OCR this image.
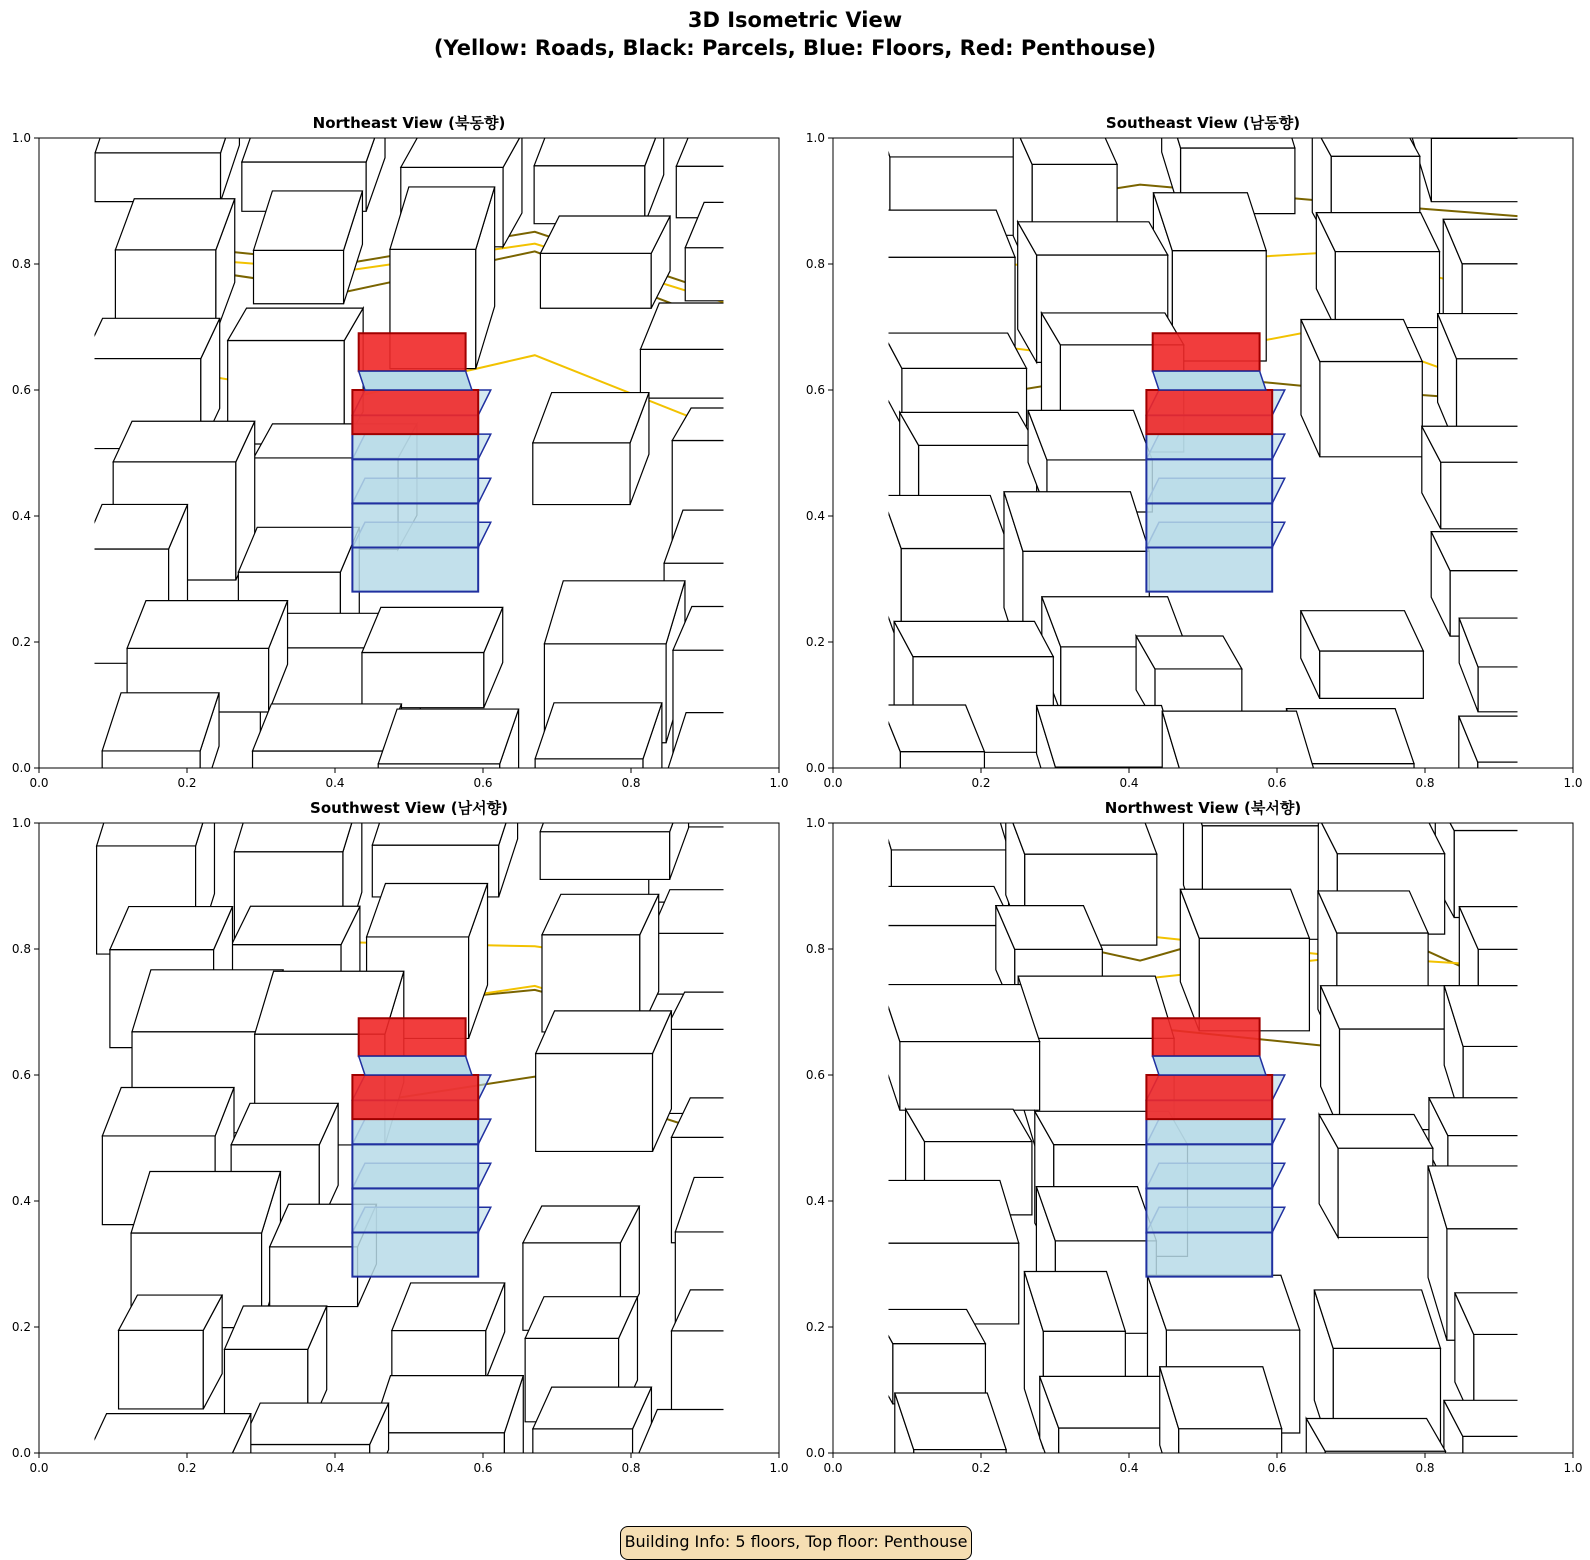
3D Isometric View
(Yellow: Roads, Black: Parcels, Blue: Floors, Red: Penthouse)
Northeast View (북동향)
0.0
0.0
0.2
0.2
0.4
0.4
0.6
0.6
0.8
0.8
1.0
1.0
Southeast View (남동향)
0.0
0.0
0.2
0.2
0.4
0.4
0.6
0.6
0.8
0.8
1.0
1.0
Southwest View (남서향)
0.0
0.0
0.2
0.2
0.4
0.4
0.6
0.6
0.8
0.8
1.0
1.0
Northwest View (북서향)
0.0
0.0
0.2
0.2
0.4
0.4
0.6
0.6
0.8
0.8
1.0
1.0
Building Info: 5 floors, Top floor: Penthouse
